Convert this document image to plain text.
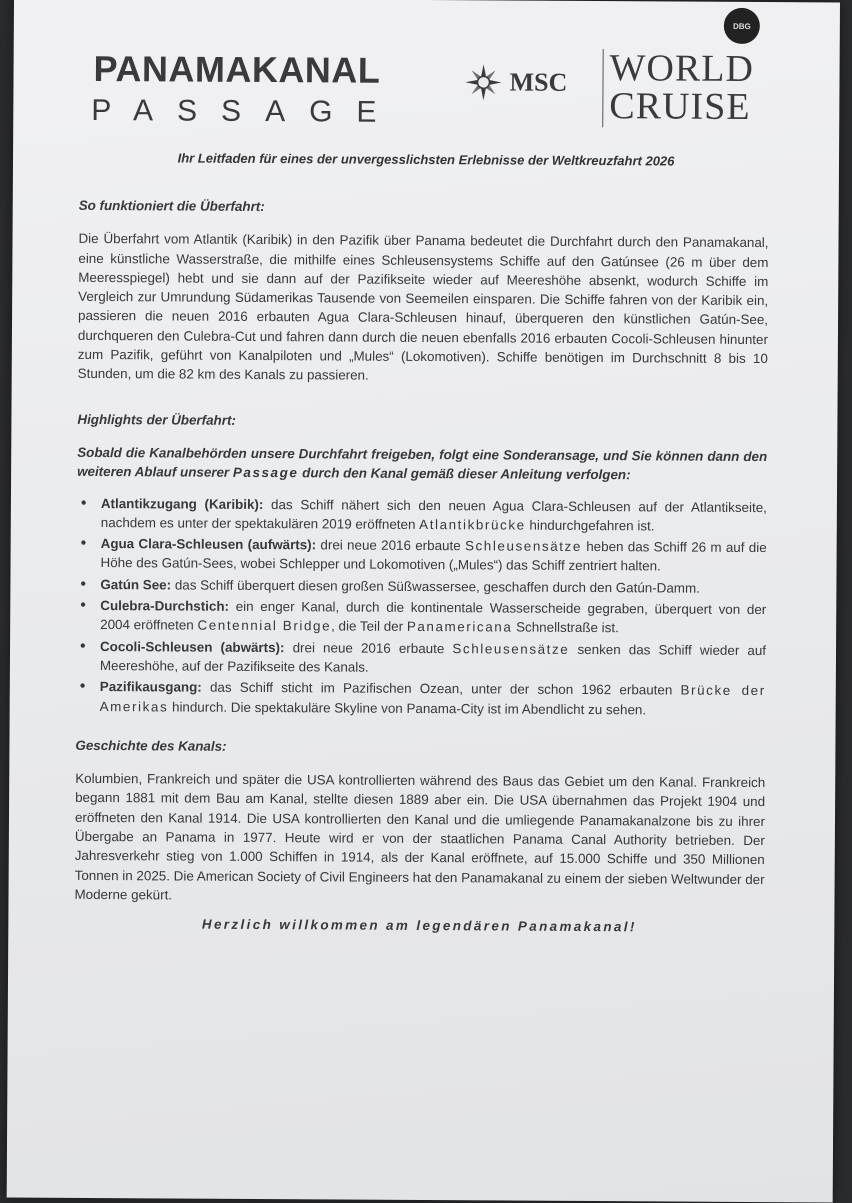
DBG
PANAMAKANAL
PASSAGE
MSC WORLD
CRUISE
Ihr Leitfaden für eines der unvergesslichsten Erlebnisse der Weltkreuzfahrt 2026
So funktioniert die Überfahrt:
Die Überfahrt vom Atlantik (Karibik) in den Pazifik über Panama bedeutet die Durchfahrt durch den Panamakanal, eine künstliche Wasserstraße, die mithilfe eines Schleusensystems Schiffe auf den Gatúnsee (26 m über dem Meeresspiegel) hebt und sie dann auf der Pazifikseite wieder auf Meereshöhe absenkt, wodurch Schiffe im Vergleich zur Umrundung Südamerikas Tausende von Seemeilen einsparen. Die Schiffe fahren von der Karibik ein, passieren die neuen 2016 erbauten Agua Clara-Schleusen hinauf, überqueren den künstlichen Gatún-See, durchqueren den Culebra-Cut und fahren dann durch die neuen ebenfalls 2016 erbauten Cocoli-Schleusen hinunter zum Pazifik, geführt von Kanalpiloten und „Mules“ (Lokomotiven). Schiffe benötigen im Durchschnitt 8 bis 10 Stunden, um die 82 km des Kanals zu passieren.
Highlights der Überfahrt:
Sobald die Kanalbehörden unsere Durchfahrt freigeben, folgt eine Sonderansage, und Sie können dann den weiteren Ablauf unserer Passage durch den Kanal gemäß dieser Anleitung verfolgen:
• Atlantikzugang (Karibik): das Schiff nähert sich den neuen Agua Clara-Schleusen auf der Atlantikseite, nachdem es unter der spektakulären 2019 eröffneten Atlantikbrücke hindurchgefahren ist.
• Agua Clara-Schleusen (aufwärts): drei neue 2016 erbaute Schleusensätze heben das Schiff 26 m auf die Höhe des Gatún-Sees, wobei Schlepper und Lokomotiven („Mules“) das Schiff zentriert halten.
• Gatún See: das Schiff überquert diesen großen Süßwassersee, geschaffen durch den Gatún-Damm.
• Culebra-Durchstich: ein enger Kanal, durch die kontinentale Wasserscheide gegraben, überquert von der 2004 eröffneten Centennial Bridge, die Teil der Panamericana Schnellstraße ist.
• Cocoli-Schleusen (abwärts): drei neue 2016 erbaute Schleusensätze senken das Schiff wieder auf Meereshöhe, auf der Pazifikseite des Kanals.
• Pazifikausgang: das Schiff sticht im Pazifischen Ozean, unter der schon 1962 erbauten Brücke der Amerikas hindurch. Die spektakuläre Skyline von Panama-City ist im Abendlicht zu sehen.
Geschichte des Kanals:
Kolumbien, Frankreich und später die USA kontrollierten während des Baus das Gebiet um den Kanal. Frankreich begann 1881 mit dem Bau am Kanal, stellte diesen 1889 aber ein. Die USA übernahmen das Projekt 1904 und eröffneten den Kanal 1914. Die USA kontrollierten den Kanal und die umliegende Panamakanalzone bis zu ihrer Übergabe an Panama in 1977. Heute wird er von der staatlichen Panama Canal Authority betrieben. Der Jahresverkehr stieg von 1.000 Schiffen in 1914, als der Kanal eröffnete, auf 15.000 Schiffe und 350 Millionen Tonnen in 2025. Die American Society of Civil Engineers hat den Panamakanal zu einem der sieben Weltwunder der Moderne gekürt.
Herzlich willkommen am legendären Panamakanal!
